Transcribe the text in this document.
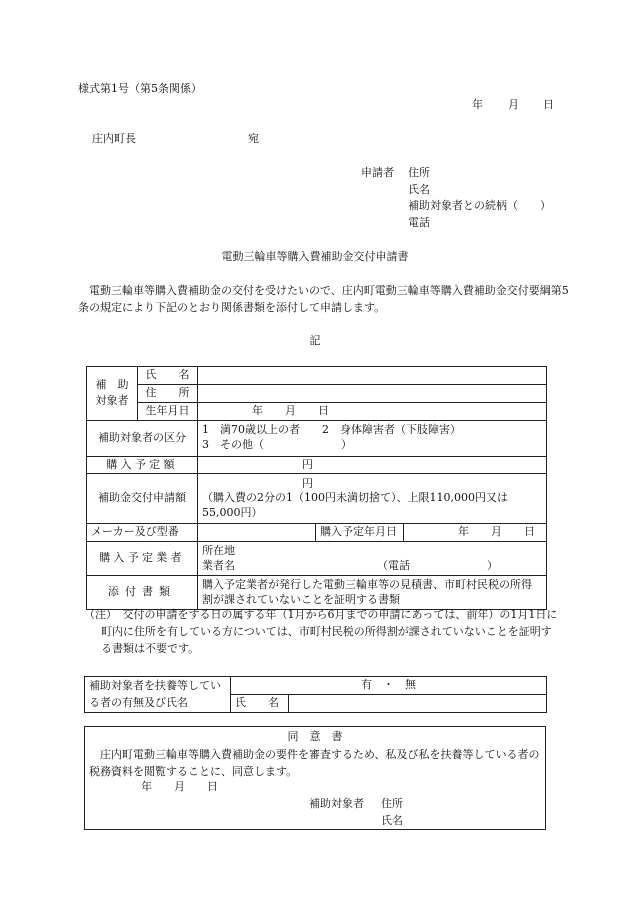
様式第1号（第5条関係）
年 月 日
庄内町長	宛
申請者 住所
氏名
補助対象者との続柄（　　）
電話
電動三輪車等購入費補助金交付申請書
電動三輪車等購入費補助金の交付を受けたいので、庄内町電動三輪車等購入費補助金交付要綱第5条の規定により下記のとおり関係書類を添付して申請します。
記
補　助対象者	氏　　名			
	住　　所			
	生年月日	年　　月　　日		
補助対象者の区分		1　満70歳以上の者　　2　身体障害者（下肢障害）
3　その他（　　　　　　　）		

購入予定額		円		
補助金交付申請額		円
（購入費の2分の1（100円未満切捨て）、上限110,000円又は55,000円）		

メーカー及び型番			購入予定年月日	年　　月　　日
購入予定業者		所在地
業者名 （電話　　　　　　　）		

添付書類		購入予定業者が発行した電動三輪車等の見積書、市町村民税の所得割が課されていないことを証明する書類		
（注）　交付の申請をする日の属する年（1月から6月までの申請にあっては、前年）の1月1日に町内に住所を有している方については、市町村民税の所得割が課されていないことを証明する書類は不要です。
補助対象者を扶養等している者の有無及び氏名	有　・　無	
	氏　　名	
同　意　書
庄内町電動三輪車等購入費補助金の要件を審査するため、私及び私を扶養等している者の税務資料を閲覧することに、同意します。
年　　月　　日
補助対象者 住所
氏名
